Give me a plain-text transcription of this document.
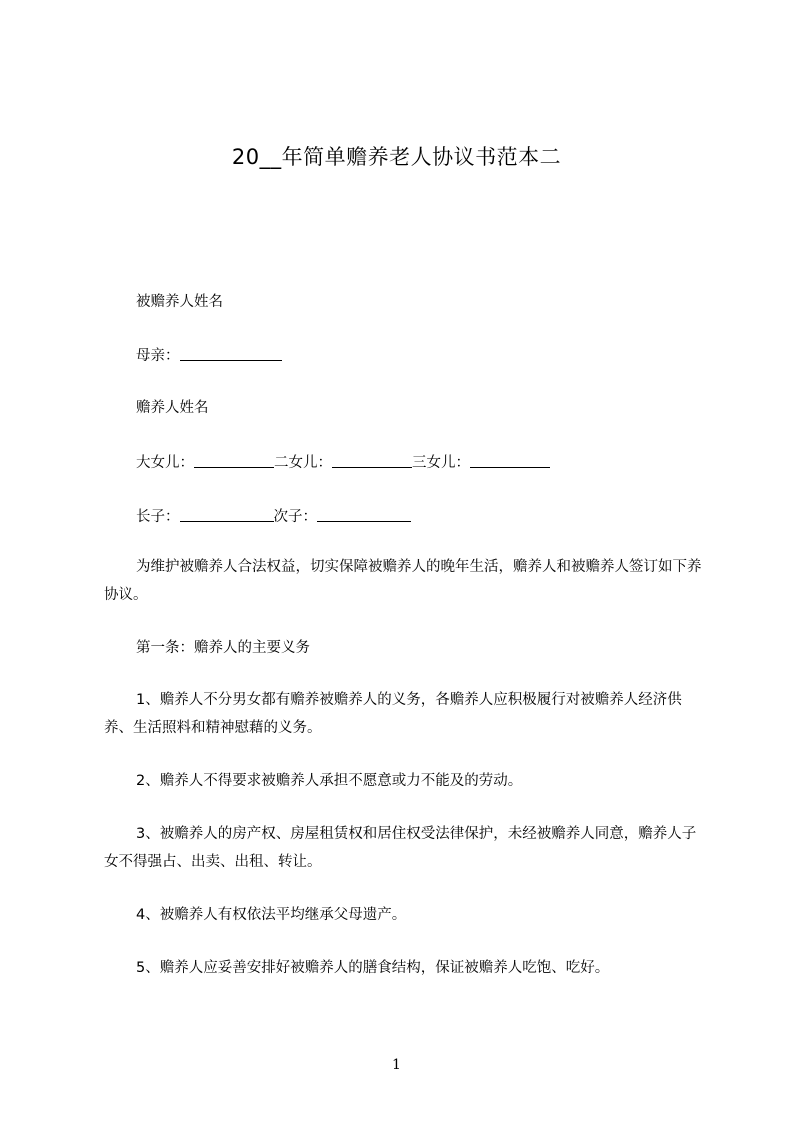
20__年简单赡养老人协议书范本二
被赡养人姓名
母亲：
赡养人姓名
大女儿：	二女儿：	三女儿：
长子：	次子：
为维护被赡养人合法权益，切实保障被赡养人的晚年生活，赡养人和被赡养人签订如下养协议。
第一条：赡养人的主要义务
1、赡养人不分男女都有赡养被赡养人的义务，各赡养人应积极履行对被赡养人经济供养、生活照料和精神慰藉的义务。
2、赡养人不得要求被赡养人承担不愿意或力不能及的劳动。
3、被赡养人的房产权、房屋租赁权和居住权受法律保护，未经被赡养人同意，赡养人子女不得强占、出卖、出租、转让。
4、被赡养人有权依法平均继承父母遗产。
5、赡养人应妥善安排好被赡养人的膳食结构，保证被赡养人吃饱、吃好。
1
